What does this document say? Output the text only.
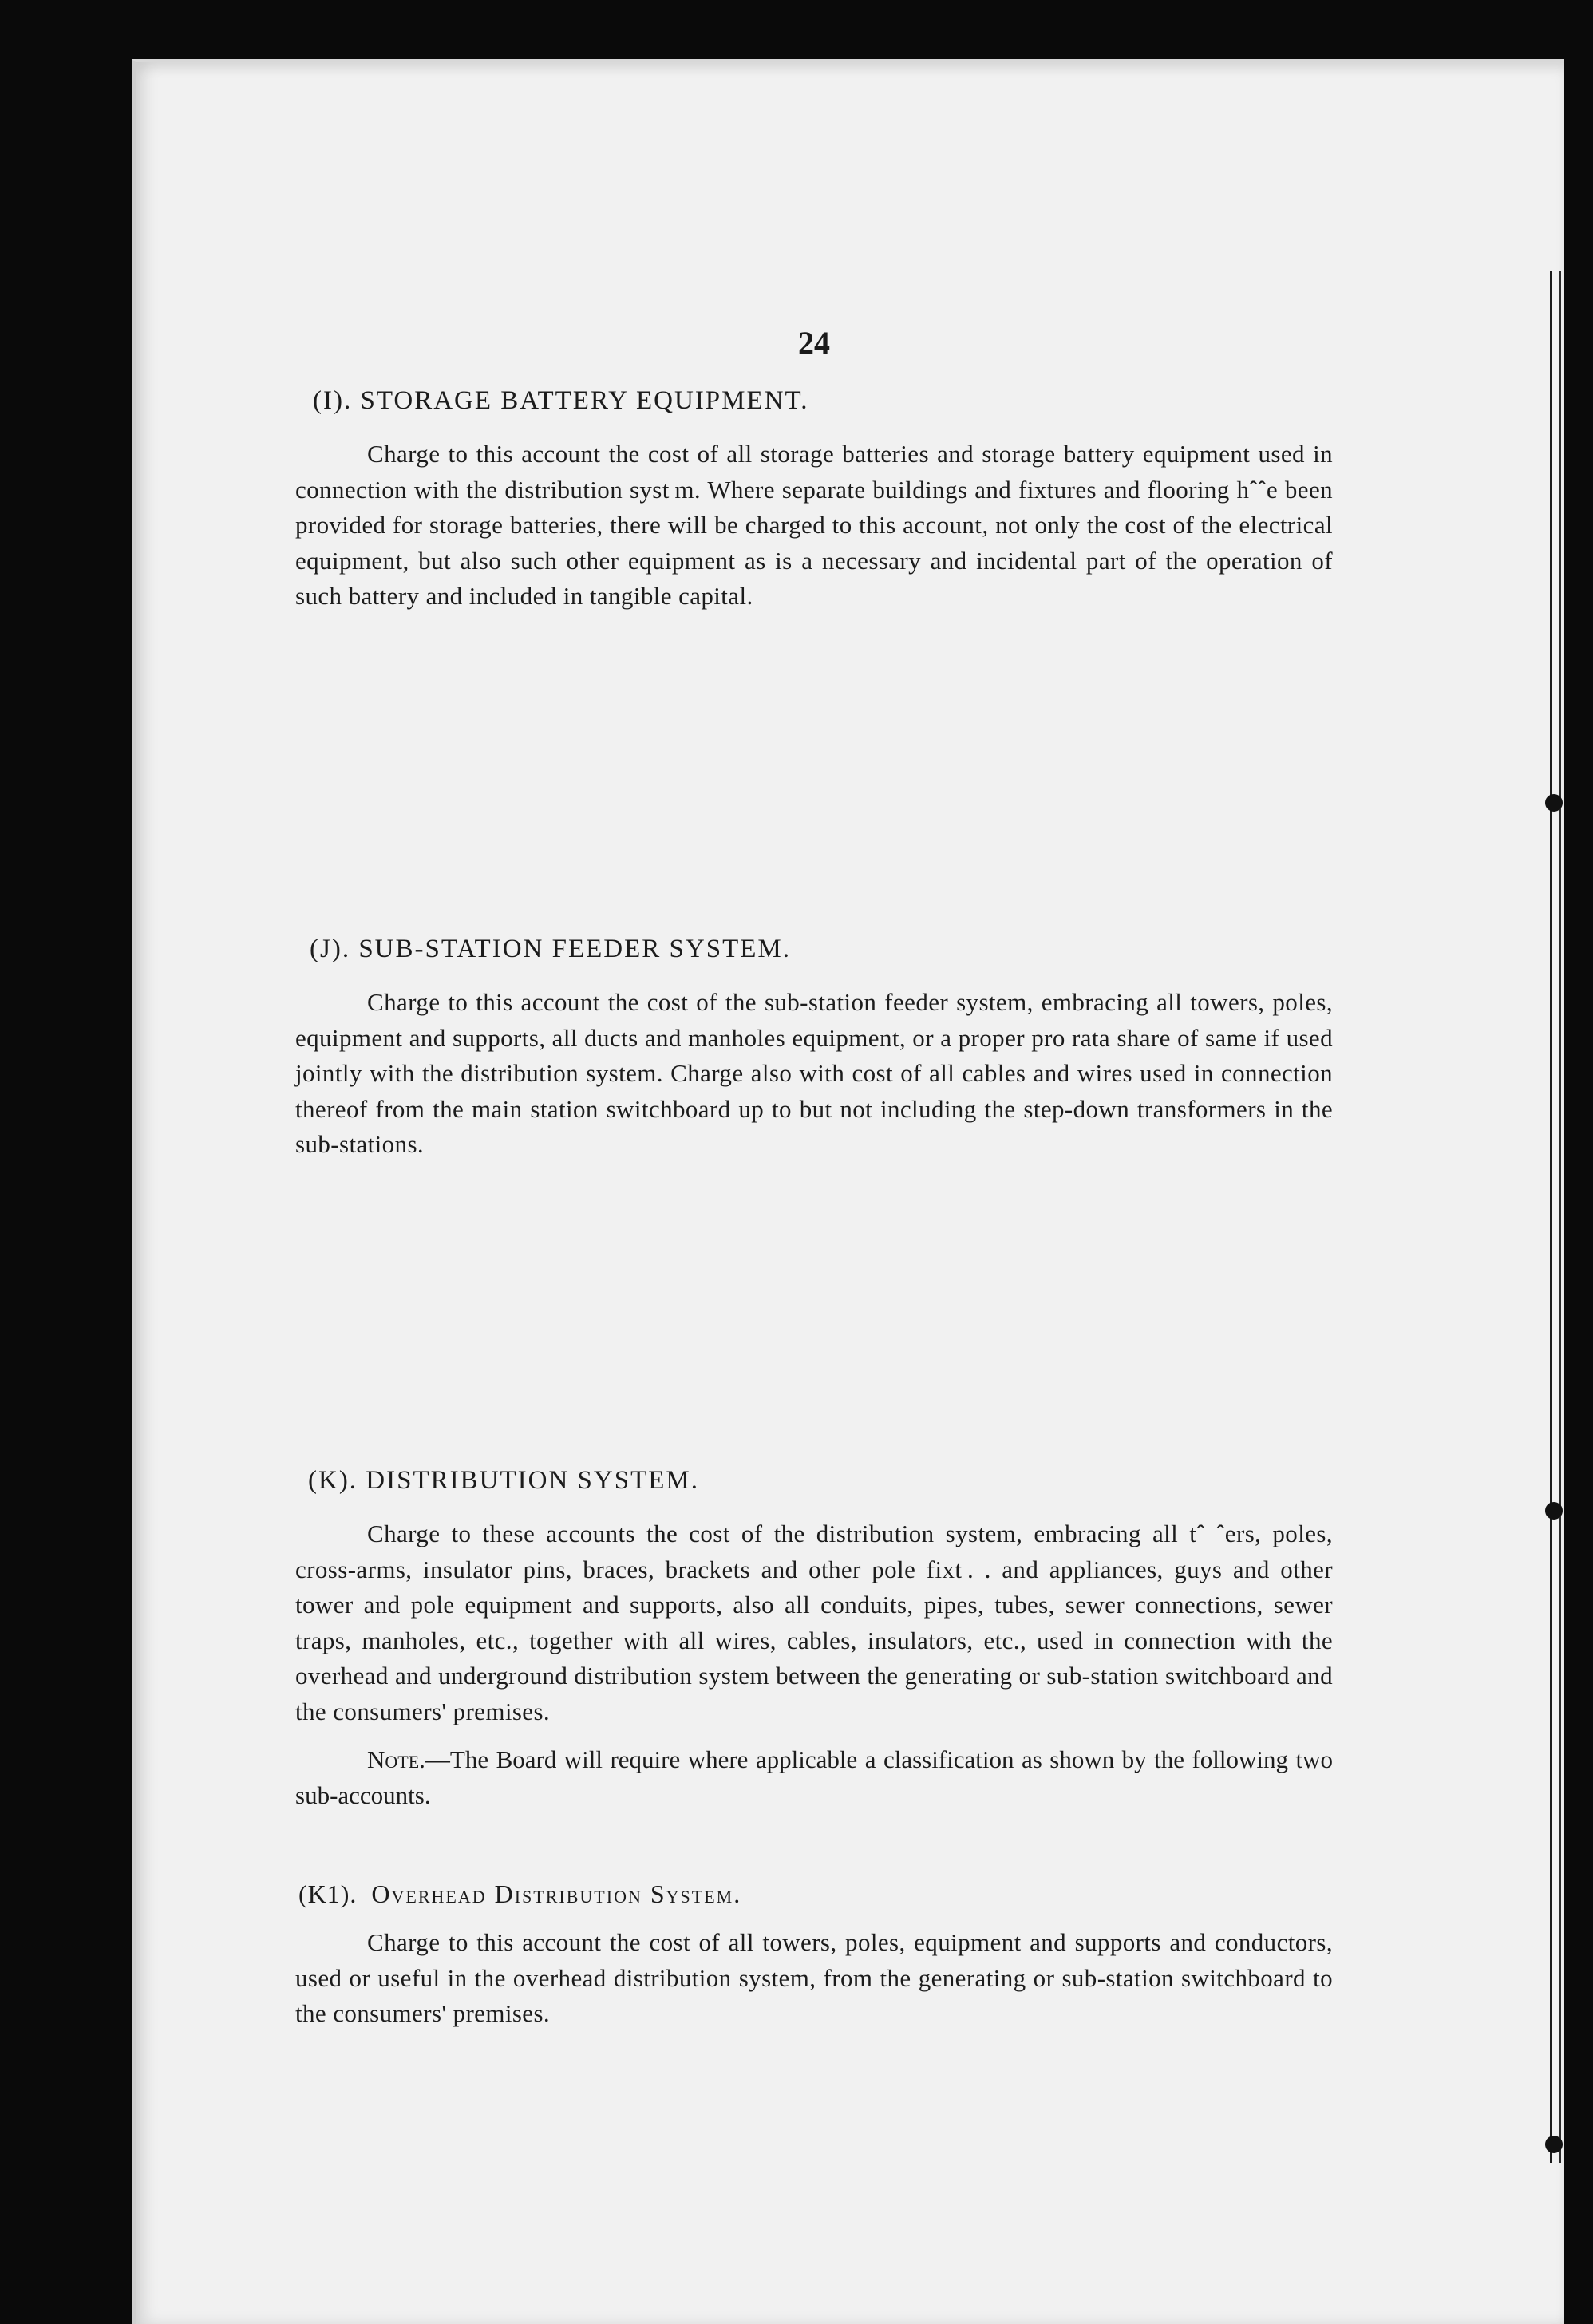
24

(I). STORAGE BATTERY EQUIPMENT.

Charge to this account the cost of all storage batteries and storage battery equipment used in connection with the distribution syst m. Where separate buildings and fixtures and flooring hˆˆe been provided for storage batteries, there will be charged to this account, not only the cost of the electrical equipment, but also such other equipment as is a necessary and incidental part of the operation of such battery and included in tangible capital.

(J). SUB-STATION FEEDER SYSTEM.

Charge to this account the cost of the sub-station feeder system, embracing all towers, poles, equipment and supports, all ducts and manholes equipment, or a proper pro rata share of same if used jointly with the distribution system. Charge also with cost of all cables and wires used in connection thereof from the main station switchboard up to but not including the step-down transformers in the sub-stations.

(K). DISTRIBUTION SYSTEM.

Charge to these accounts the cost of the distribution system, embracing all tˆ ˆers, poles, cross-arms, insulator pins, braces, brackets and other pole fixt . . and appliances, guys and other tower and pole equipment and supports, also all conduits, pipes, tubes, sewer connections, sewer traps, manholes, etc., together with all wires, cables, insulators, etc., used in connection with the overhead and underground distribution system between the generating or sub-station switchboard and the consumers' premises.

Note.—The Board will require where applicable a classification as shown by the following two sub-accounts.

(K1). Overhead Distribution System.

Charge to this account the cost of all towers, poles, equipment and supports and conductors, used or useful in the overhead distribution system, from the generating or sub-station switchboard to the consumers' premises.
